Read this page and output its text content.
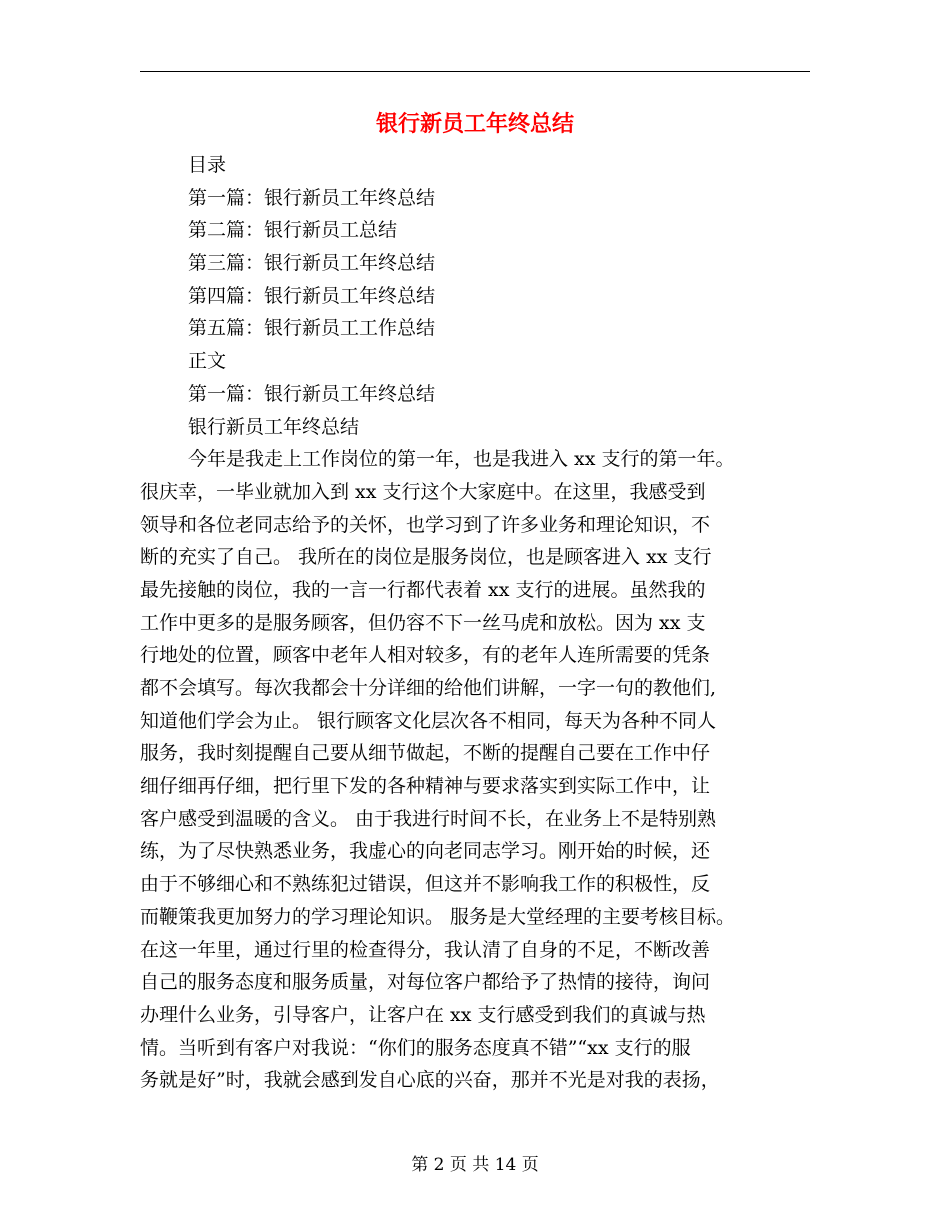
银行新员工年终总结
目录
第一篇：银行新员工年终总结
第二篇：银行新员工总结
第三篇：银行新员工年终总结
第四篇：银行新员工年终总结
第五篇：银行新员工工作总结
正文
第一篇：银行新员工年终总结
银行新员工年终总结
今年是我走上工作岗位的第一年，也是我进入 xx 支行的第一年。
很庆幸，一毕业就加入到 xx 支行这个大家庭中。在这里，我感受到
领导和各位老同志给予的关怀，也学习到了许多业务和理论知识，不
断的充实了自己。 我所在的岗位是服务岗位，也是顾客进入 xx 支行
最先接触的岗位，我的一言一行都代表着 xx 支行的进展。虽然我的
工作中更多的是服务顾客，但仍容不下一丝马虎和放松。因为 xx 支
行地处的位置，顾客中老年人相对较多，有的老年人连所需要的凭条
都不会填写。每次我都会十分详细的给他们讲解，一字一句的教他们,
知道他们学会为止。 银行顾客文化层次各不相同，每天为各种不同人
服务，我时刻提醒自己要从细节做起，不断的提醒自己要在工作中仔
细仔细再仔细，把行里下发的各种精神与要求落实到实际工作中，让
客户感受到温暖的含义。 由于我进行时间不长，在业务上不是特别熟
练，为了尽快熟悉业务，我虚心的向老同志学习。刚开始的时候，还
由于不够细心和不熟练犯过错误，但这并不影响我工作的积极性，反
而鞭策我更加努力的学习理论知识。 服务是大堂经理的主要考核目标。
在这一年里，通过行里的检查得分，我认清了自身的不足，不断改善
自己的服务态度和服务质量，对每位客户都给予了热情的接待，询问
办理什么业务，引导客户，让客户在 xx 支行感受到我们的真诚与热
情。当听到有客户对我说：“你们的服务态度真不错”“xx 支行的服
务就是好”时，我就会感到发自心底的兴奋，那并不光是对我的表扬，
第 2 页 共 14 页
